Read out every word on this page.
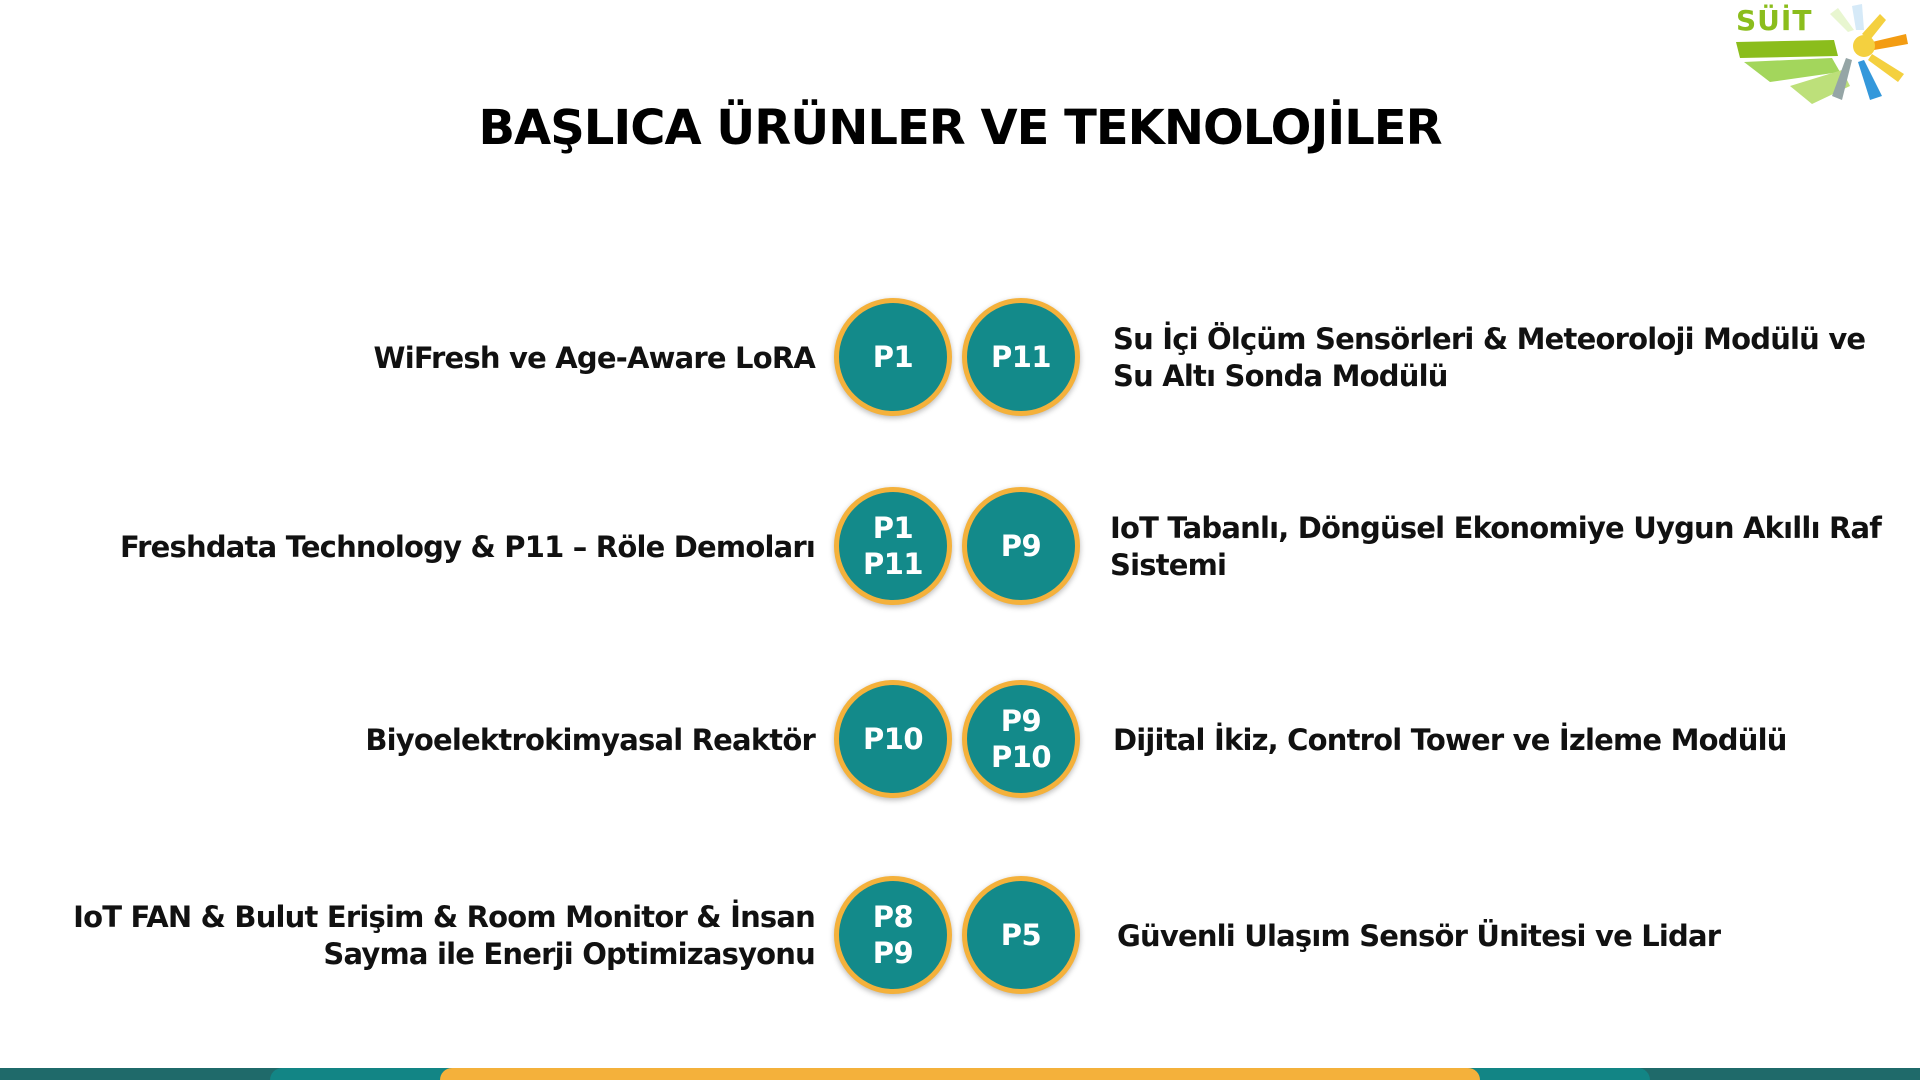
SÜİT
BAŞLICA ÜRÜNLER VE TEKNOLOJİLER
WiFresh ve Age-Aware LoRA P1	P11
Su İçi Ölçüm Sensörleri & Meteoroloji Modülü ve Su Altı Sonda Modülü
Freshdata Technology & P11 – Röle Demoları
P1
P11
P9
IoT Tabanlı, Döngüsel Ekonomiye Uygun Akıllı Raf Sistemi
Biyoelektrokimyasal Reaktör P10
P9
P10
Dijital İkiz, Control Tower ve İzleme Modülü
IoT FAN & Bulut Erişim & Room Monitor & İnsan Sayma ile Enerji Optimizasyonu
P8
P9
P5	Güvenli Ulaşım Sensör Ünitesi ve Lidar
